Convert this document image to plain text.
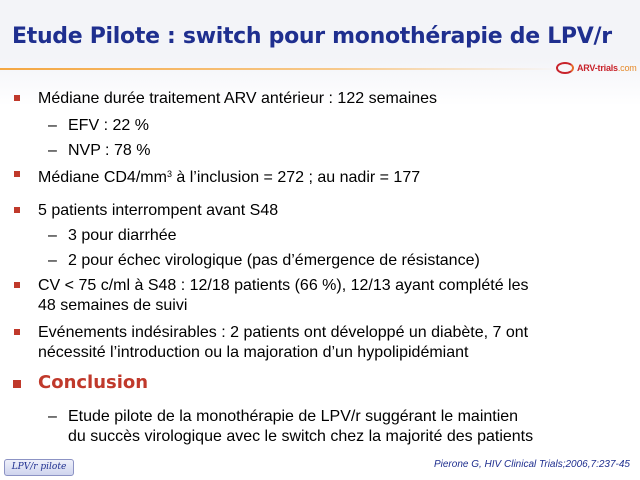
Etude Pilote : switch pour monothérapie de LPV/r
ARV-trials.com
Médiane durée traitement ARV antérieur : 122 semaines
– EFV : 22 %
– NVP : 78 %
Médiane $CD4/mm^3$ à l’inclusion = 272 ; au nadir = 177
5 patients interrompent avant S48
– 3 pour diarrhée
– 2 pour échec virologique (pas d’émergence de résistance)
CV < 75 c/ml à S48 : 12/18 patients (66 %), 12/13 ayant complété les
48 semaines de suivi
Evénements indésirables : 2 patients ont développé un diabète, 7 ont
nécessité l’introduction ou la majoration d’un hypolipidémiant
Conclusion
– Etude pilote de la monothérapie de LPV/r suggérant le maintien
du succès virologique avec le switch chez la majorité des patients
LPV/r pilote	Pierone G, HIV Clinical Trials;2006,7:237-45
